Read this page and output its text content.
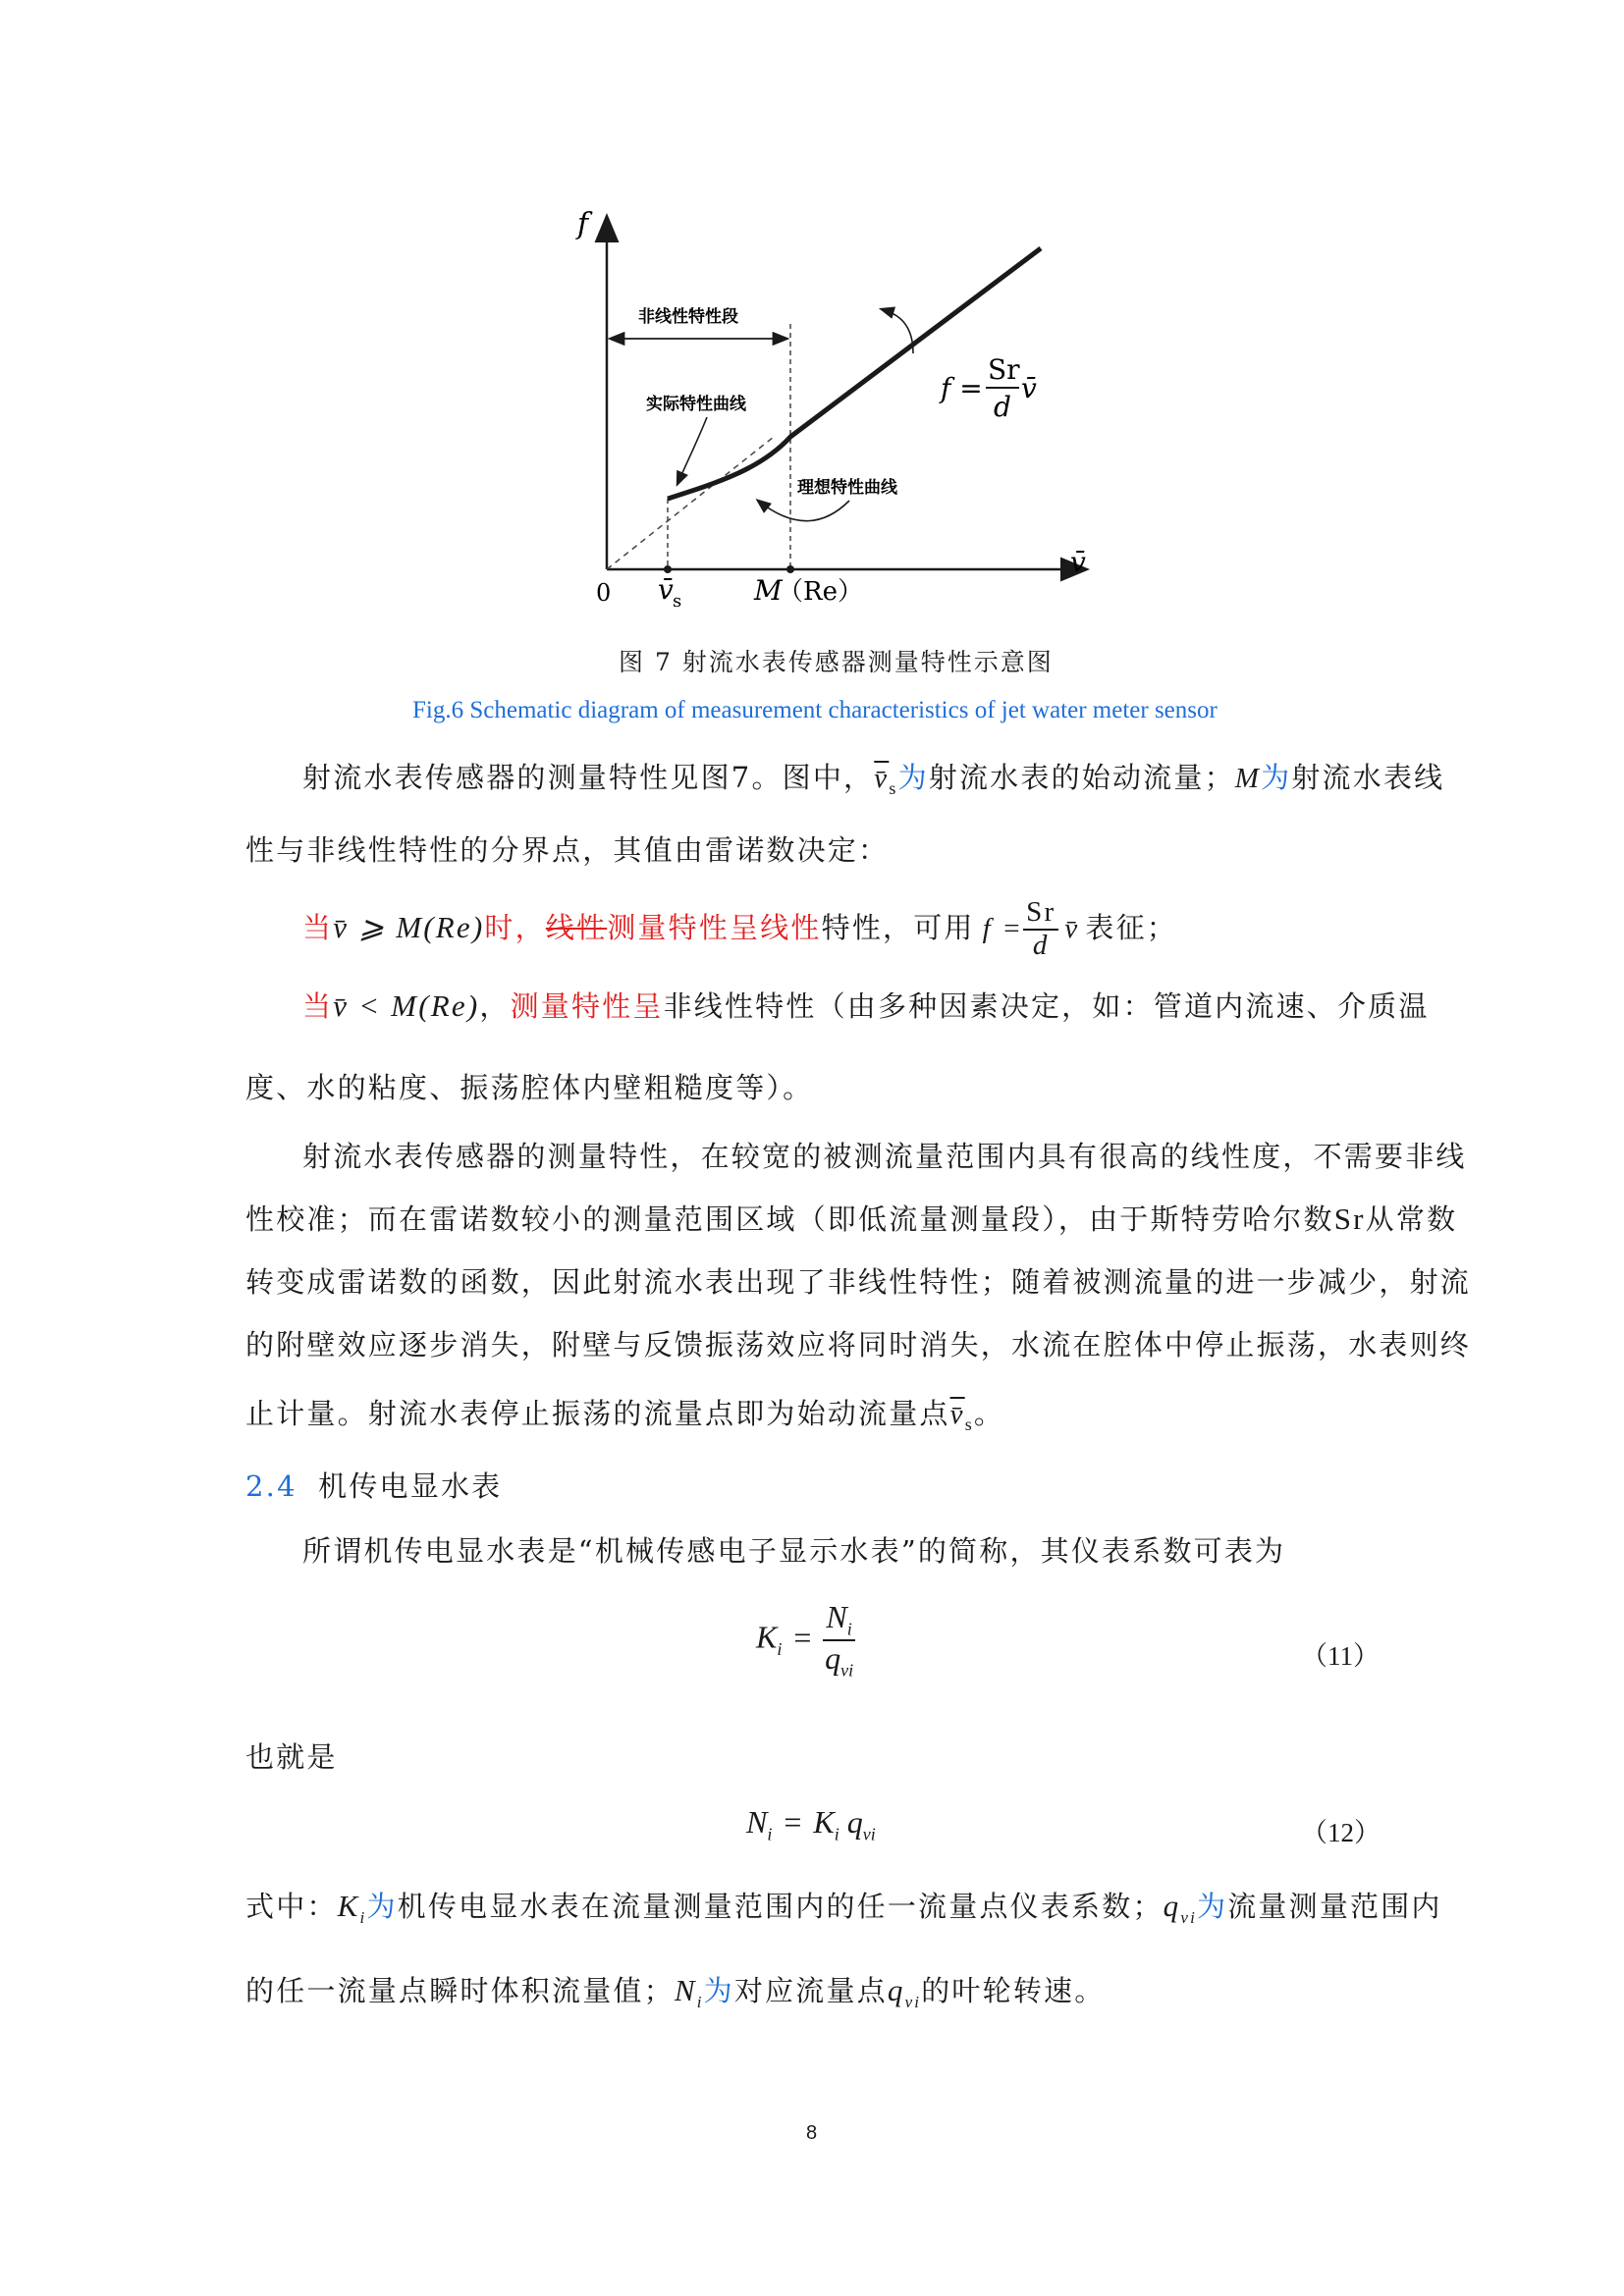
f
v̄
0 v̄ s	M
（Re）
非线性特性段
实际特性曲线
理想特性曲线
f =
Sr
d
v̄
图 7 射流水表传感器测量特性示意图
Fig.6 Schematic diagram of measurement characteristics of jet water meter sensor
射流水表传感器的测量特性见图7。图中，$v̄_s$为射流水表的始动流量；M为射流水表线
性与非线性特性的分界点，其值由雷诺数决定：
当v̄ ⩾ M(Re)时，线性测量特性呈线性特性，可用 $f = \frac{Sr}{d}$ v̄ 表征；
当v̄ < M(Re)，测量特性呈非线性特性（由多种因素决定，如：管道内流速、介质温
度、水的粘度、振荡腔体内壁粗糙度等）。
射流水表传感器的测量特性，在较宽的被测流量范围内具有很高的线性度，不需要非线
性校准；而在雷诺数较小的测量范围区域（即低流量测量段），由于斯特劳哈尔数Sr从常数
转变成雷诺数的函数，因此射流水表出现了非线性特性；随着被测流量的进一步减少，射流
的附壁效应逐步消失，附壁与反馈振荡效应将同时消失，水流在腔体中停止振荡，水表则终
止计量。射流水表停止振荡的流量点即为始动流量点$v̄_s$。
2.4 机传电显水表
所谓机传电显水表是“机械传感电子显示水表”的简称，其仪表系数可表为
$K_i = \frac{N_i}{q_{vi}}$	（11）
也就是
$N_i = K_i$ $q_{vi}$	（12）
式中：$K_i$为机传电显水表在流量测量范围内的任一流量点仪表系数；$q_{vi}$为流量测量范围内
的任一流量点瞬时体积流量值；$N_i$为对应流量点$q_{vi}$的叶轮转速。
8
